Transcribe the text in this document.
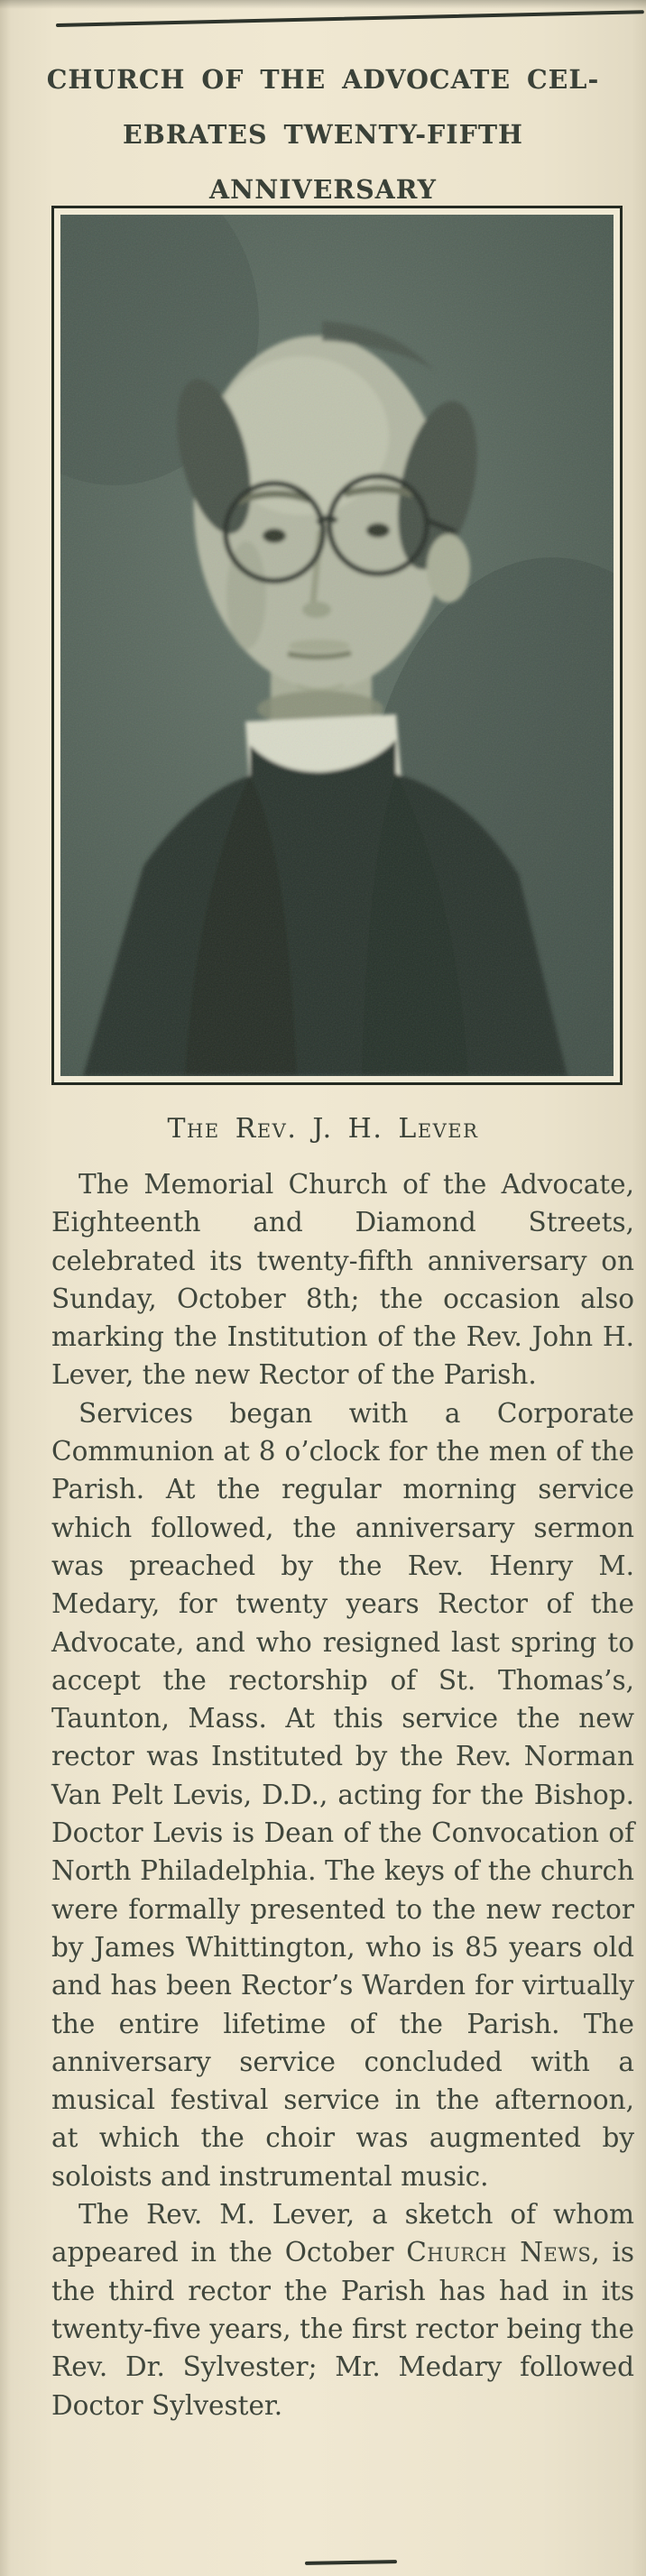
CHURCH OF THE ADVOCATE CEL-
EBRATES TWENTY-FIFTH
ANNIVERSARY
The Rev. J. H. Lever

The Memorial Church of the Advocate, Eighteenth and Diamond Streets, celebrated its twenty-fifth anniversary on Sunday, October 8th; the occasion also marking the Institution of the Rev. John H. Lever, the new Rector of the Parish.

Services began with a Corporate Communion at 8 o’clock for the men of the Parish. At the regular morning service which followed, the anniversary sermon was preached by the Rev. Henry M. Medary, for twenty years Rector of the Advocate, and who resigned last spring to accept the rectorship of St. Thomas’s, Taunton, Mass. At this service the new rector was Instituted by the Rev. Norman Van Pelt Levis, D.D., acting for the Bishop. Doctor Levis is Dean of the Convocation of North Philadelphia. The keys of the church were formally presented to the new rector by James Whittington, who is 85 years old and has been Rector’s Warden for virtually the entire lifetime of the Parish. The anniversary service concluded with a musical festival service in the afternoon, at which the choir was augmented by soloists and instrumental music.

The Rev. M. Lever, a sketch of whom appeared in the October Church News, is the third rector the Parish has had in its twenty-five years, the first rector being the Rev. Dr. Sylvester; Mr. Medary followed Doctor Sylvester.
